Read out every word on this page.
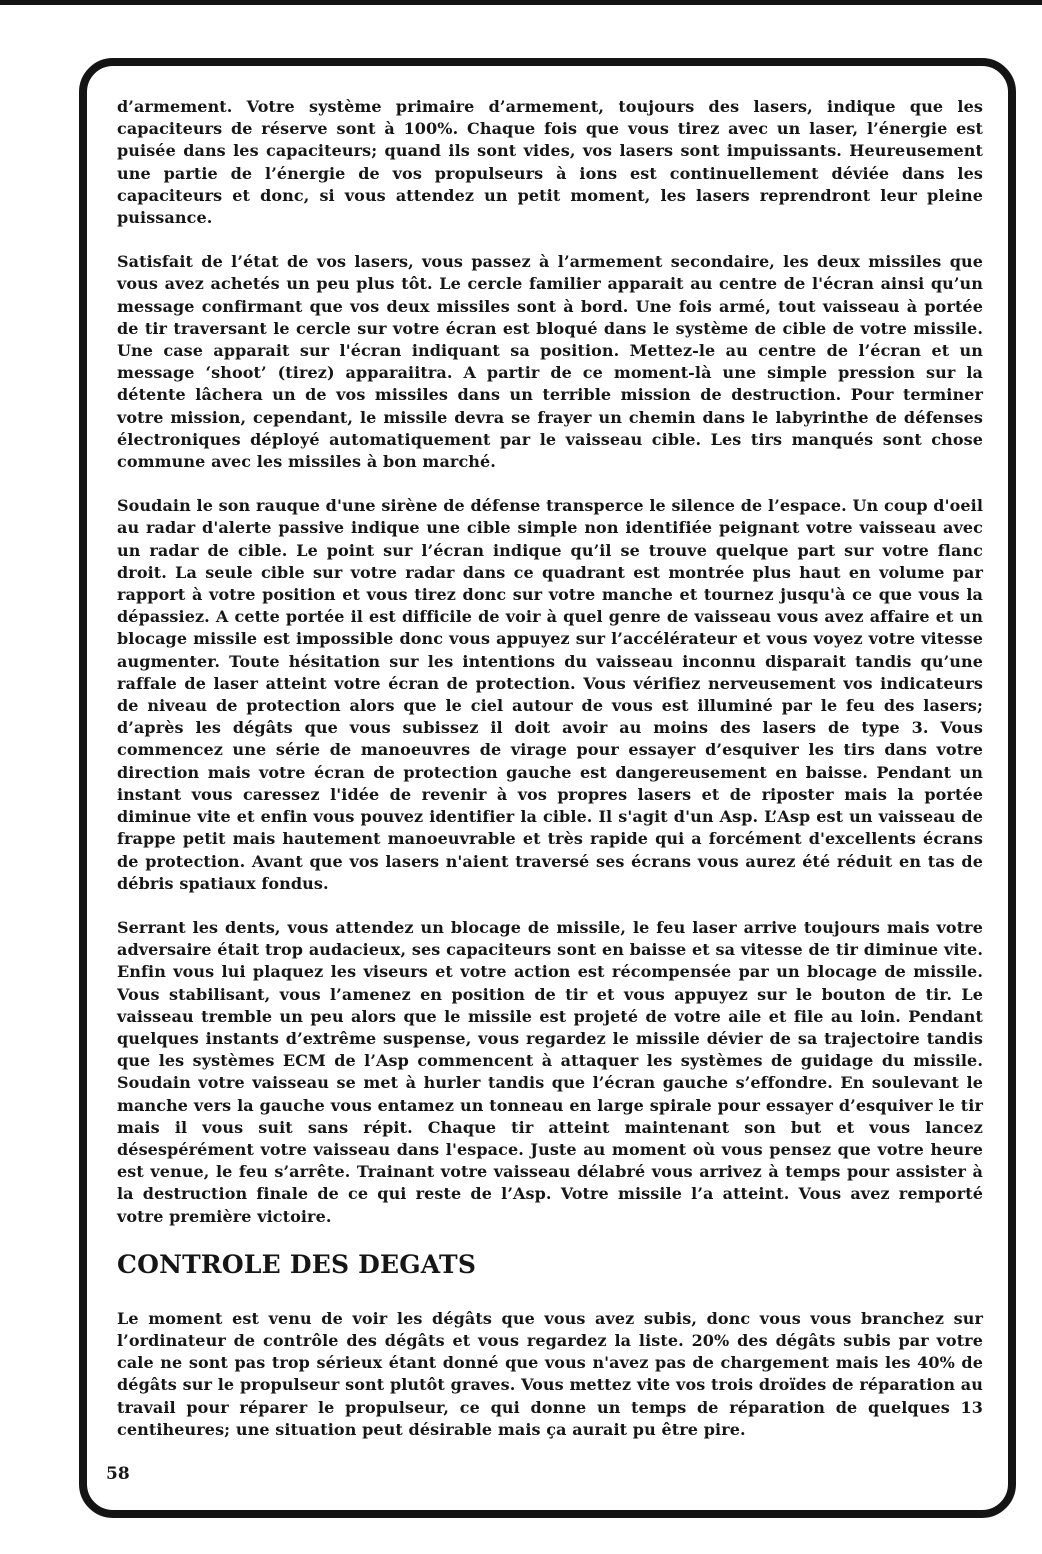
d’armement. Votre système primaire d’armement, toujours des lasers, indique que les capaciteurs de réserve sont à 100%. Chaque fois que vous tirez avec un laser, l’énergie est puisée dans les capaciteurs; quand ils sont vides, vos lasers sont impuissants. Heureusement une partie de l’énergie de vos propulseurs à ions est continuellement déviée dans les capaciteurs et donc, si vous attendez un petit moment, les lasers reprendront leur pleine puissance.

Satisfait de l’état de vos lasers, vous passez à l’armement secondaire, les deux missiles que vous avez achetés un peu plus tôt. Le cercle familier apparait au centre de l'écran ainsi qu’un message confirmant que vos deux missiles sont à bord. Une fois armé, tout vaisseau à portée de tir traversant le cercle sur votre écran est bloqué dans le système de cible de votre missile. Une case apparait sur l'écran indiquant sa position. Mettez-le au centre de l’écran et un message ‘shoot’ (tirez) apparaiitra. A partir de ce moment-là une simple pression sur la détente lâchera un de vos missiles dans un terrible mission de destruction. Pour terminer votre mission, cependant, le missile devra se frayer un chemin dans le labyrinthe de défenses électroniques déployé automatiquement par le vaisseau cible. Les tirs manqués sont chose commune avec les missiles à bon marché.

Soudain le son rauque d'une sirène de défense transperce le silence de l’espace. Un coup d'oeil au radar d'alerte passive indique une cible simple non identifiée peignant votre vaisseau avec un radar de cible. Le point sur l’écran indique qu’il se trouve quelque part sur votre flanc droit. La seule cible sur votre radar dans ce quadrant est montrée plus haut en volume par rapport à votre position et vous tirez donc sur votre manche et tournez jusqu'à ce que vous la dépassiez. A cette portée il est difficile de voir à quel genre de vaisseau vous avez affaire et un blocage missile est impossible donc vous appuyez sur l’accélérateur et vous voyez votre vitesse augmenter. Toute hésitation sur les intentions du vaisseau inconnu disparait tandis qu’une raffale de laser atteint votre écran de protection. Vous vérifiez nerveusement vos indicateurs de niveau de protection alors que le ciel autour de vous est illuminé par le feu des lasers; d’après les dégâts que vous subissez il doit avoir au moins des lasers de type 3. Vous commencez une série de manoeuvres de virage pour essayer d’esquiver les tirs dans votre direction mais votre écran de protection gauche est dangereusement en baisse. Pendant un instant vous caressez l'idée de revenir à vos propres lasers et de riposter mais la portée diminue vite et enfin vous pouvez identifier la cible. Il s'agit d'un Asp. L’Asp est un vaisseau de frappe petit mais hautement manoeuvrable et très rapide qui a forcément d'excellents écrans de protection. Avant que vos lasers n'aient traversé ses écrans vous aurez été réduit en tas de débris spatiaux fondus.

Serrant les dents, vous attendez un blocage de missile, le feu laser arrive toujours mais votre adversaire était trop audacieux, ses capaciteurs sont en baisse et sa vitesse de tir diminue vite. Enfin vous lui plaquez les viseurs et votre action est récompensée par un blocage de missile. Vous stabilisant, vous l’amenez en position de tir et vous appuyez sur le bouton de tir. Le vaisseau tremble un peu alors que le missile est projeté de votre aile et file au loin. Pendant quelques instants d’extrême suspense, vous regardez le missile dévier de sa trajectoire tandis que les systèmes ECM de l’Asp commencent à attaquer les systèmes de guidage du missile. Soudain votre vaisseau se met à hurler tandis que l’écran gauche s’effondre. En soulevant le manche vers la gauche vous entamez un tonneau en large spirale pour essayer d’esquiver le tir mais il vous suit sans répit. Chaque tir atteint maintenant son but et vous lancez désespérément votre vaisseau dans l'espace. Juste au moment où vous pensez que votre heure est venue, le feu s’arrête. Trainant votre vaisseau délabré vous arrivez à temps pour assister à la destruction finale de ce qui reste de l’Asp. Votre missile l’a atteint. Vous avez remporté votre première victoire.

CONTROLE DES DEGATS

Le moment est venu de voir les dégâts que vous avez subis, donc vous vous branchez sur l’ordinateur de contrôle des dégâts et vous regardez la liste. 20% des dégâts subis par votre cale ne sont pas trop sérieux étant donné que vous n'avez pas de chargement mais les 40% de dégâts sur le propulseur sont plutôt graves. Vous mettez vite vos trois droïdes de réparation au travail pour réparer le propulseur, ce qui donne un temps de réparation de quelques 13 centiheures; une situation peut désirable mais ça aurait pu être pire.

58
